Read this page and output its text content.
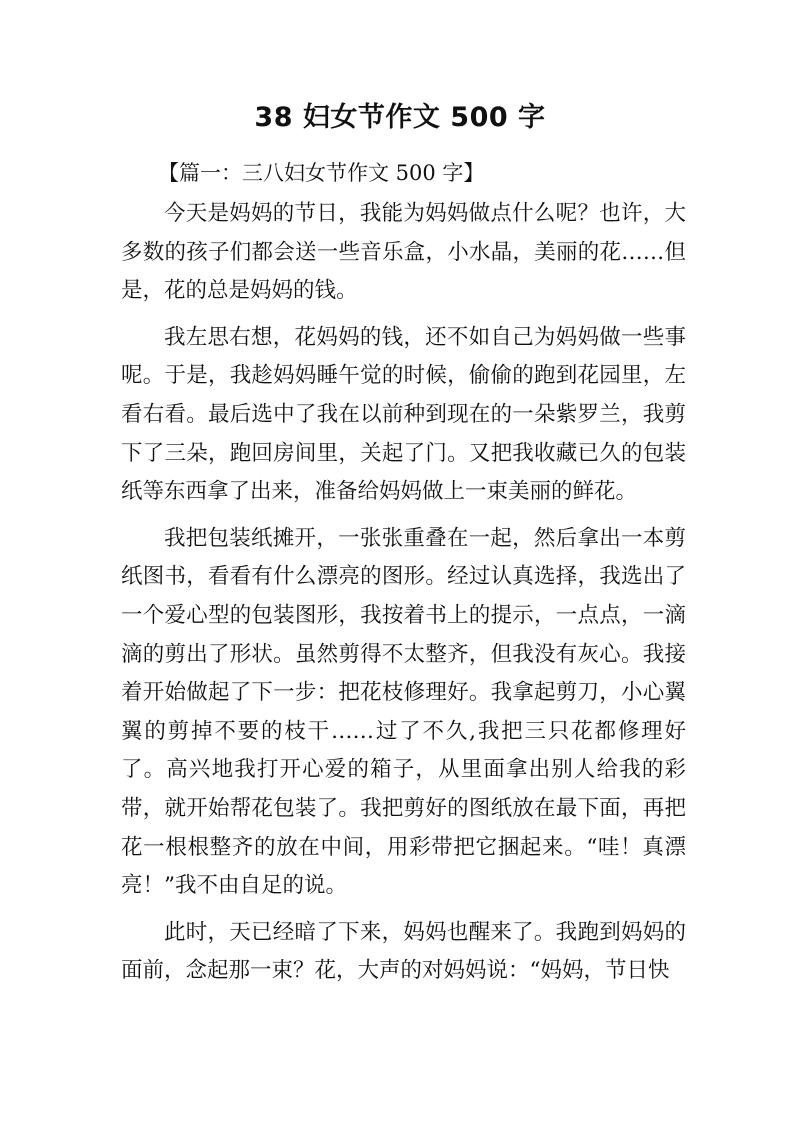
38 妇女节作文 500 字

【篇一：三八妇女节作文 500 字】

今天是妈妈的节日，我能为妈妈做点什么呢？也许，大多数的孩子们都会送一些音乐盒，小水晶，美丽的花……但是，花的总是妈妈的钱。

我左思右想，花妈妈的钱，还不如自己为妈妈做一些事呢。于是，我趁妈妈睡午觉的时候，偷偷的跑到花园里，左看右看。最后选中了我在以前种到现在的一朵紫罗兰，我剪下了三朵，跑回房间里，关起了门。又把我收藏已久的包装纸等东西拿了出来，准备给妈妈做上一束美丽的鲜花。

我把包装纸摊开，一张张重叠在一起，然后拿出一本剪纸图书，看看有什么漂亮的图形。经过认真选择，我选出了一个爱心型的包装图形，我按着书上的提示，一点点，一滴滴的剪出了形状。虽然剪得不太整齐，但我没有灰心。我接着开始做起了下一步：把花枝修理好。我拿起剪刀，小心翼翼的剪掉不要的枝干……过了不久,我把三只花都修理好了。高兴地我打开心爱的箱子，从里面拿出别人给我的彩带，就开始帮花包装了。我把剪好的图纸放在最下面，再把花一根根整齐的放在中间，用彩带把它捆起来。“哇！真漂亮！”我不由自足的说。

此时，天已经暗了下来，妈妈也醒来了。我跑到妈妈的面前，念起那一束？花，大声的对妈妈说：“妈妈，节日快
